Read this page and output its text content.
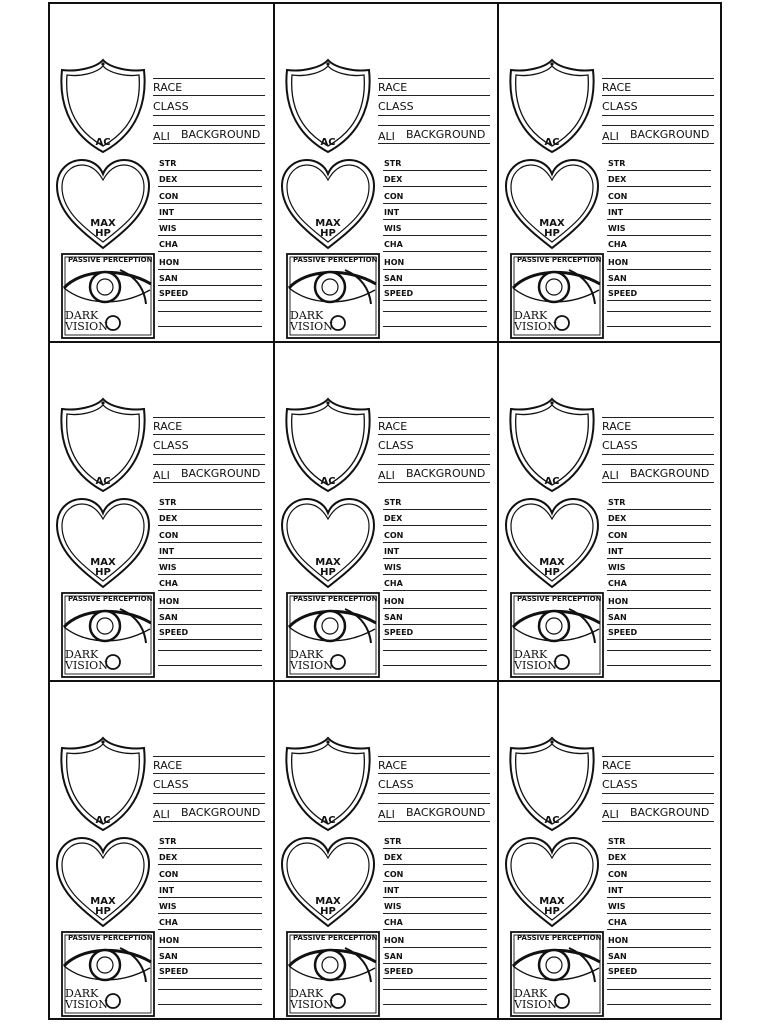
RACE
CLASS
ALI BACKGROUND
STR
DEX
CON
INT
WIS
CHA
HON
SAN
SPEED
AC
MAX
HP
PASSIVE PERCEPTION
DARK
VISION
RACE
CLASS
ALI BACKGROUND
STR
DEX
CON
INT
WIS
CHA
HON
SAN
SPEED
AC
MAX
HP
PASSIVE PERCEPTION
DARK
VISION
RACE
CLASS
ALI BACKGROUND
STR
DEX
CON
INT
WIS
CHA
HON
SAN
SPEED
AC
MAX
HP
PASSIVE PERCEPTION
DARK
VISION
RACE
CLASS
ALI BACKGROUND
STR
DEX
CON
INT
WIS
CHA
HON
SAN
SPEED
AC
MAX
HP
PASSIVE PERCEPTION
DARK
VISION
RACE
CLASS
ALI BACKGROUND
STR
DEX
CON
INT
WIS
CHA
HON
SAN
SPEED
AC
MAX
HP
PASSIVE PERCEPTION
DARK
VISION
RACE
CLASS
ALI BACKGROUND
STR
DEX
CON
INT
WIS
CHA
HON
SAN
SPEED
AC
MAX
HP
PASSIVE PERCEPTION
DARK
VISION
RACE
CLASS
ALI BACKGROUND
STR
DEX
CON
INT
WIS
CHA
HON
SAN
SPEED
AC
MAX
HP
PASSIVE PERCEPTION
DARK
VISION
RACE
CLASS
ALI BACKGROUND
STR
DEX
CON
INT
WIS
CHA
HON
SAN
SPEED
AC
MAX
HP
PASSIVE PERCEPTION
DARK
VISION
RACE
CLASS
ALI BACKGROUND
STR
DEX
CON
INT
WIS
CHA
HON
SAN
SPEED
AC
MAX
HP
PASSIVE PERCEPTION
DARK
VISION
